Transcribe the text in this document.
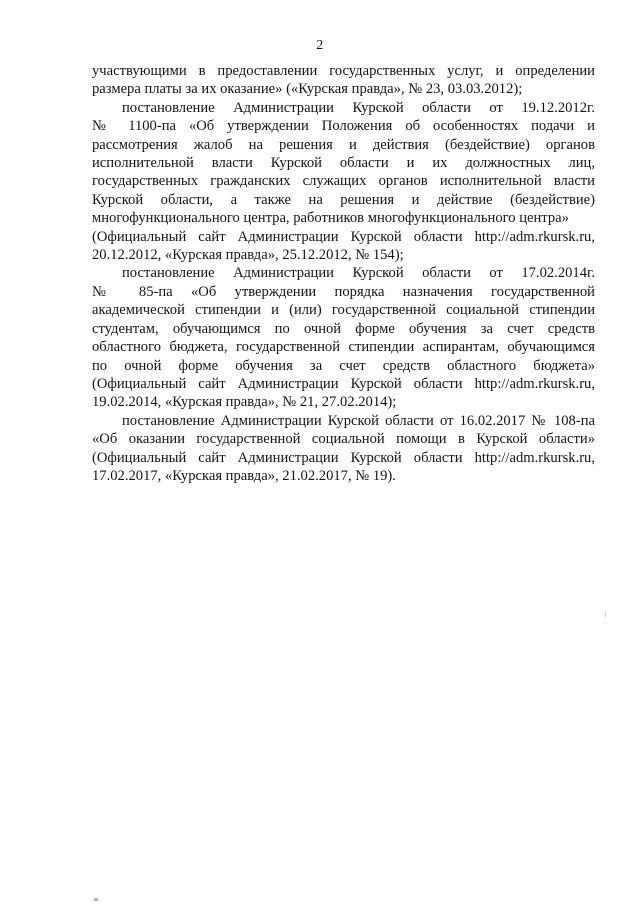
2

участвующими в предоставлении государственных услуг, и определении
размера платы за их оказание» («Курская правда», № 23, 03.03.2012);

постановление Администрации Курской области от 19.12.2012г.
№ 1100-па «Об утверждении Положения об особенностях подачи и
рассмотрения жалоб на решения и действия (бездействие) органов
исполнительной власти Курской области и их должностных лиц,
государственных гражданских служащих органов исполнительной власти
Курской области, а также на решения и действие (бездействие)
многофункционального центра, работников многофункционального центра»
(Официальный сайт Администрации Курской области http://adm.rkursk.ru,
20.12.2012, «Курская правда», 25.12.2012, № 154);

постановление Администрации Курской области от 17.02.2014г.
№ 85-па «Об утверждении порядка назначения государственной
академической стипендии и (или) государственной социальной стипендии
студентам, обучающимся по очной форме обучения за счет средств
областного бюджета, государственной стипендии аспирантам, обучающимся
по очной форме обучения за счет средств областного бюджета»
(Официальный сайт Администрации Курской области http://adm.rkursk.ru,
19.02.2014, «Курская правда», № 21, 27.02.2014);

постановление Администрации Курской области от 16.02.2017 № 108-па
«Об оказании государственной социальной помощи в Курской области»
(Официальный сайт Администрации Курской области http://adm.rkursk.ru,
17.02.2017, «Курская правда», 21.02.2017, № 19).
